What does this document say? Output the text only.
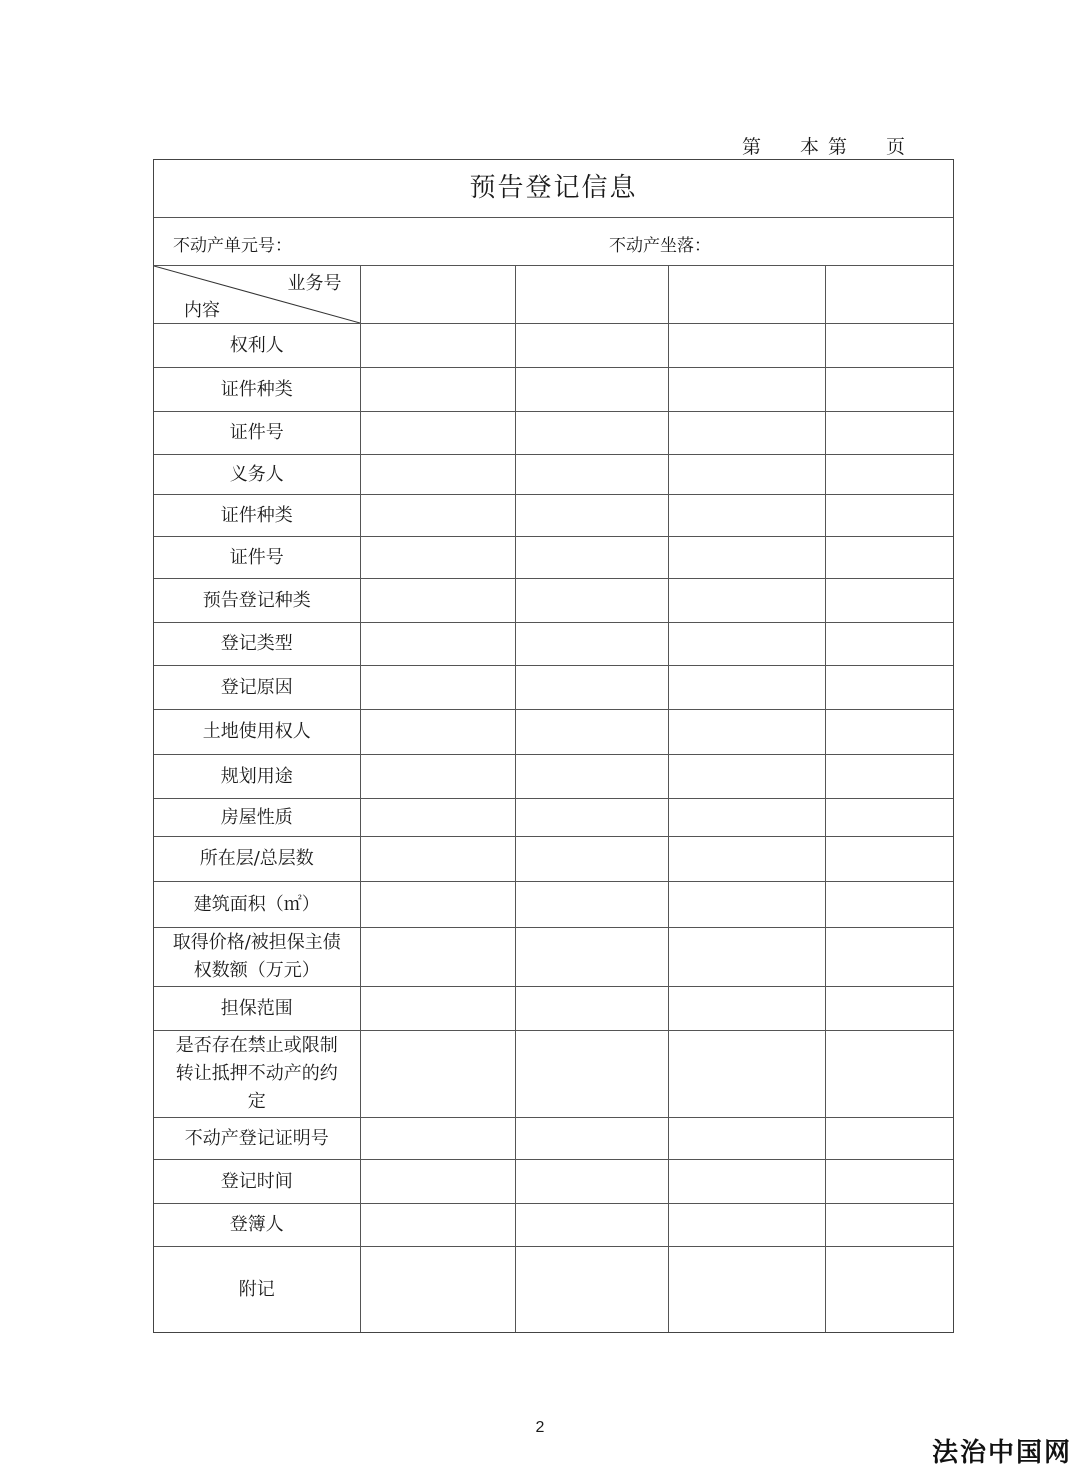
第 本 第 页
预告登记信息
不动产单元号：	不动产坐落：
业务号
内容				

权利人				

证件种类				

证件号				

义务人				

证件种类				

证件号				

预告登记种类				

登记类型				

登记原因				

土地使用权人				

规划用途				

房屋性质				

所在层/总层数				

建筑面积（㎡）				

取得价格/被担保主债
权数额（万元）				

担保范围				

是否存在禁止或限制
转让抵押不动产的约
定				

不动产登记证明号				

登记时间				

登簿人				

附记				

2
法治中国网
